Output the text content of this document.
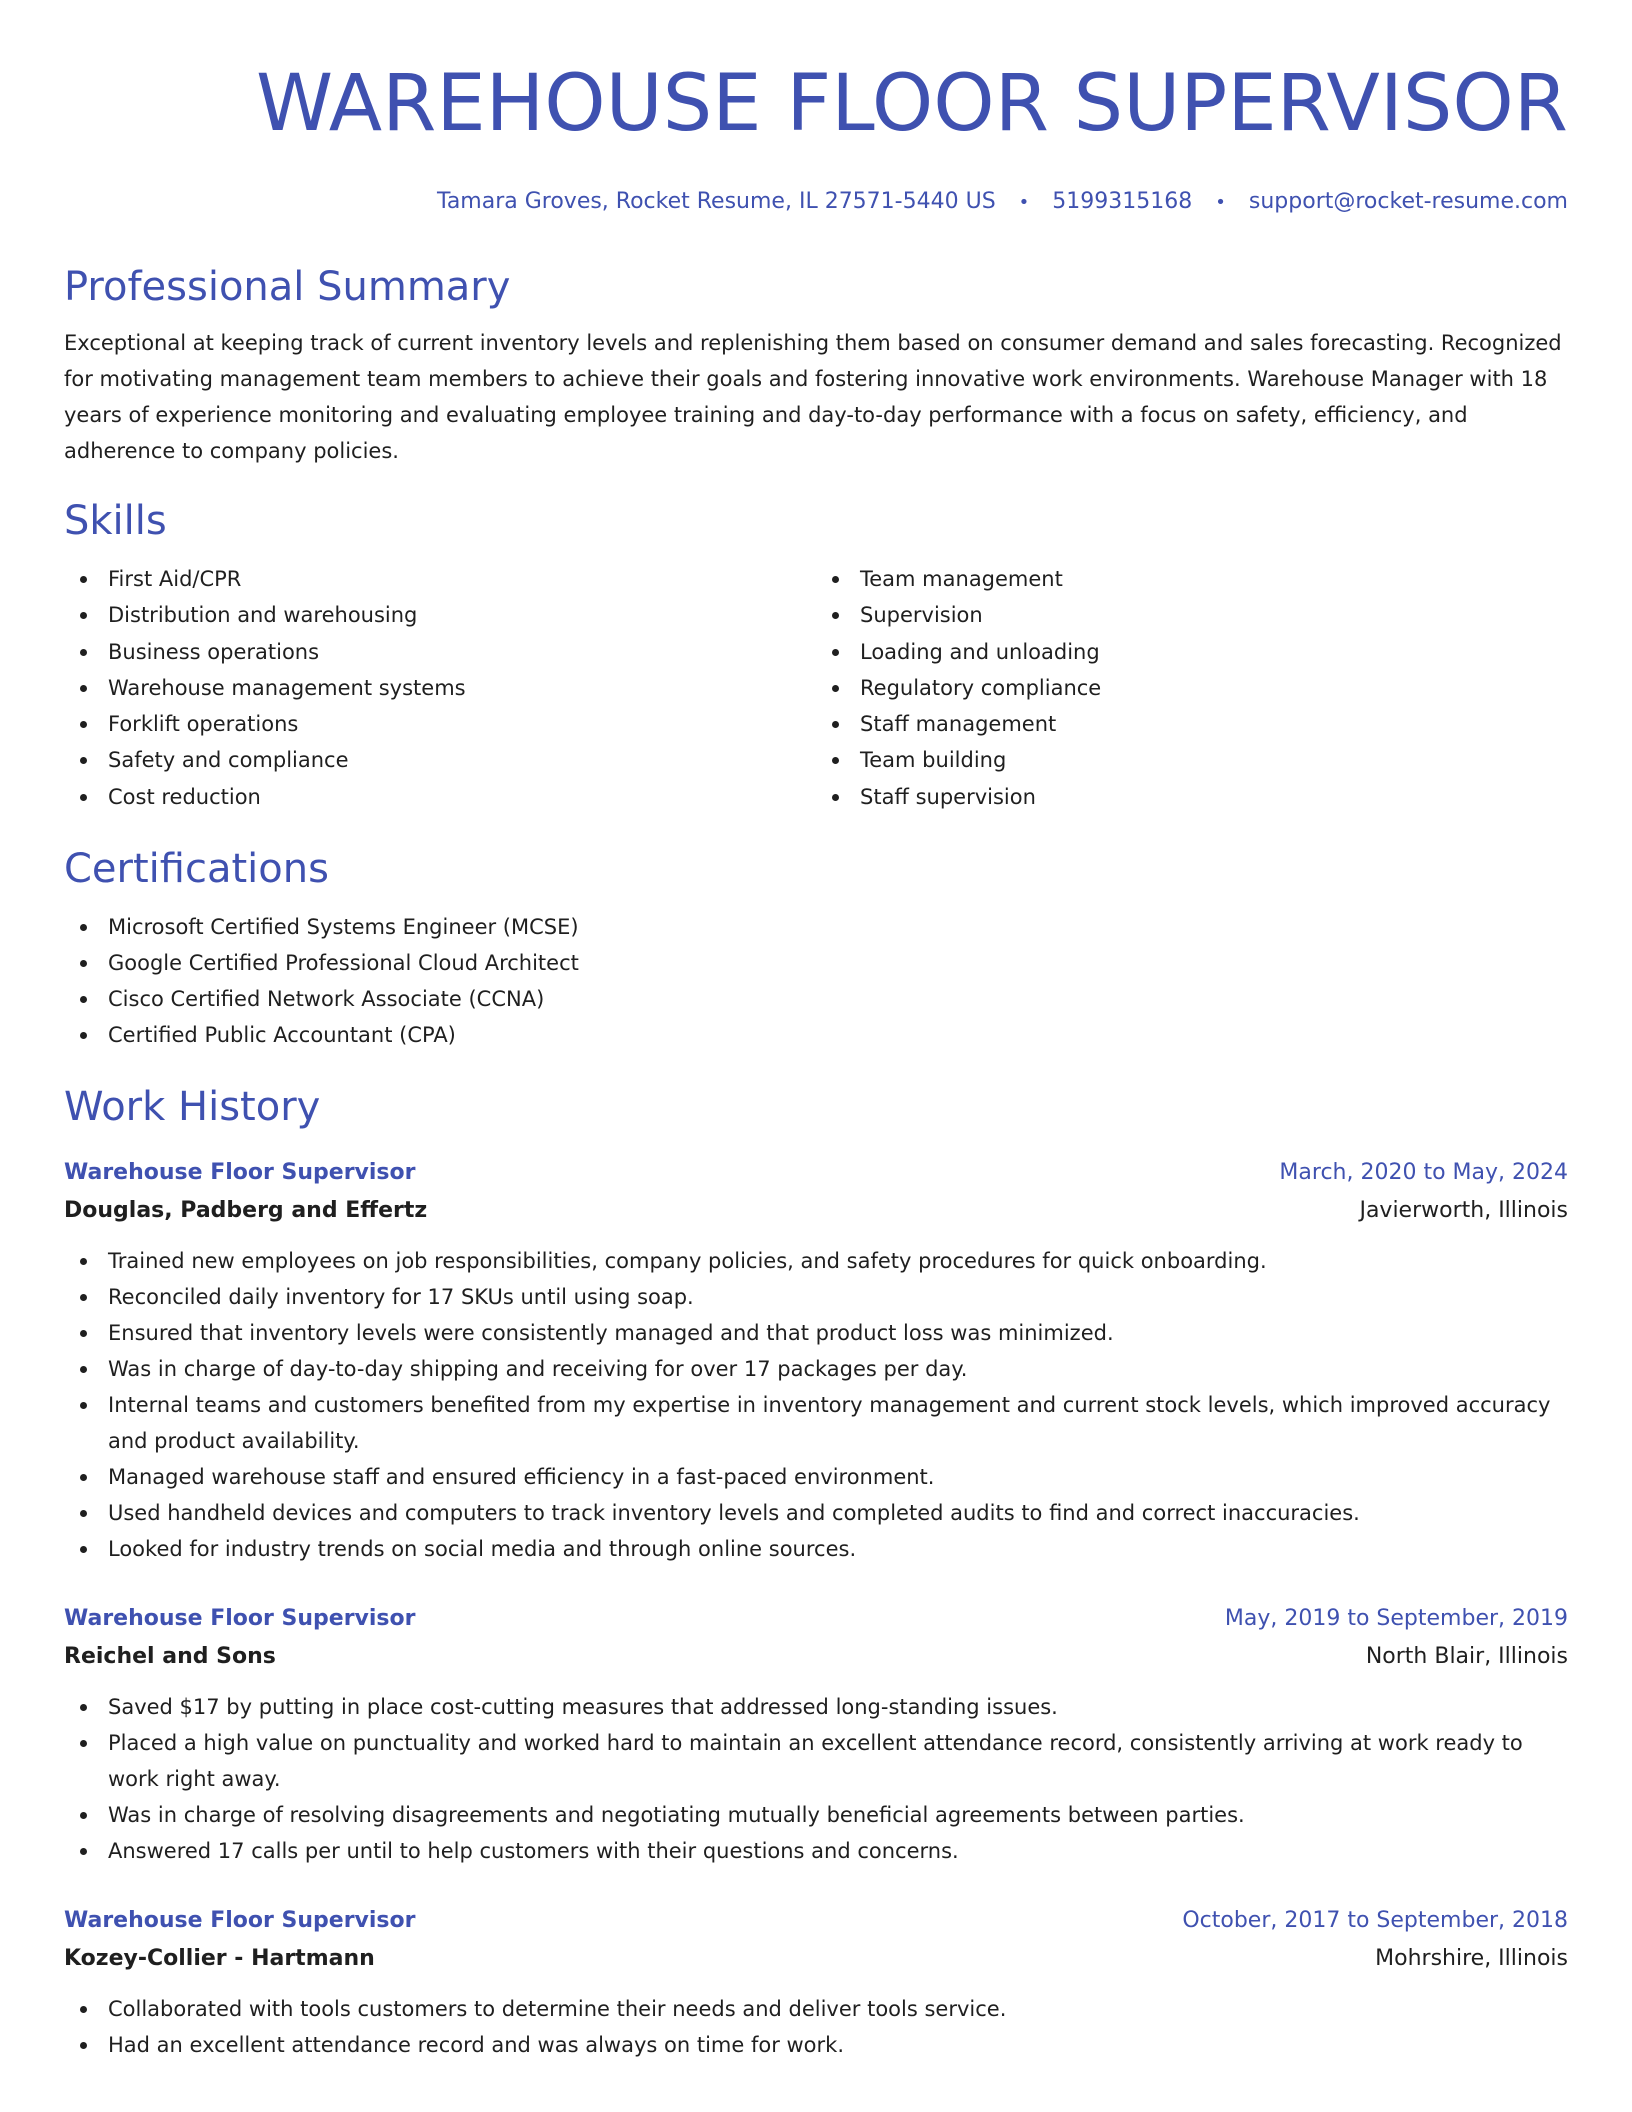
WAREHOUSE FLOOR SUPERVISOR
Tamara Groves, Rocket Resume, IL 27571-5440 US • 5199315168 • support@rocket-resume.com
Professional Summary

Exceptional at keeping track of current inventory levels and replenishing them based on consumer demand and sales forecasting. Recognized for motivating management team members to achieve their goals and fostering innovative work environments. Warehouse Manager with 18 years of experience monitoring and evaluating employee training and day-to-day performance with a focus on safety, efficiency, and adherence to company policies.

Skills
First Aid/CPR
Distribution and warehousing
Business operations
Warehouse management systems
Forklift operations
Safety and compliance
Cost reduction
Team management
Supervision
Loading and unloading
Regulatory compliance
Staff management
Team building
Staff supervision
Certifications
Microsoft Certified Systems Engineer (MCSE)
Google Certified Professional Cloud Architect
Cisco Certified Network Associate (CCNA)
Certified Public Accountant (CPA)
Work History
Warehouse Floor Supervisor	March, 2020 to May, 2024
Douglas, Padberg and Effertz	Javierworth, Illinois
Trained new employees on job responsibilities, company policies, and safety procedures for quick onboarding.
Reconciled daily inventory for 17 SKUs until using soap.
Ensured that inventory levels were consistently managed and that product loss was minimized.
Was in charge of day-to-day shipping and receiving for over 17 packages per day.
Internal teams and customers benefited from my expertise in inventory management and current stock levels, which improved accuracy and product availability.
Managed warehouse staff and ensured efficiency in a fast-paced environment.
Used handheld devices and computers to track inventory levels and completed audits to find and correct inaccuracies.
Looked for industry trends on social media and through online sources.
Warehouse Floor Supervisor	May, 2019 to September, 2019
Reichel and Sons	North Blair, Illinois
Saved $17 by putting in place cost-cutting measures that addressed long-standing issues.
Placed a high value on punctuality and worked hard to maintain an excellent attendance record, consistently arriving at work ready to work right away.
Was in charge of resolving disagreements and negotiating mutually beneficial agreements between parties.
Answered 17 calls per until to help customers with their questions and concerns.
Warehouse Floor Supervisor	October, 2017 to September, 2018
Kozey-Collier - Hartmann	Mohrshire, Illinois
Collaborated with tools customers to determine their needs and deliver tools service.
Had an excellent attendance record and was always on time for work.
